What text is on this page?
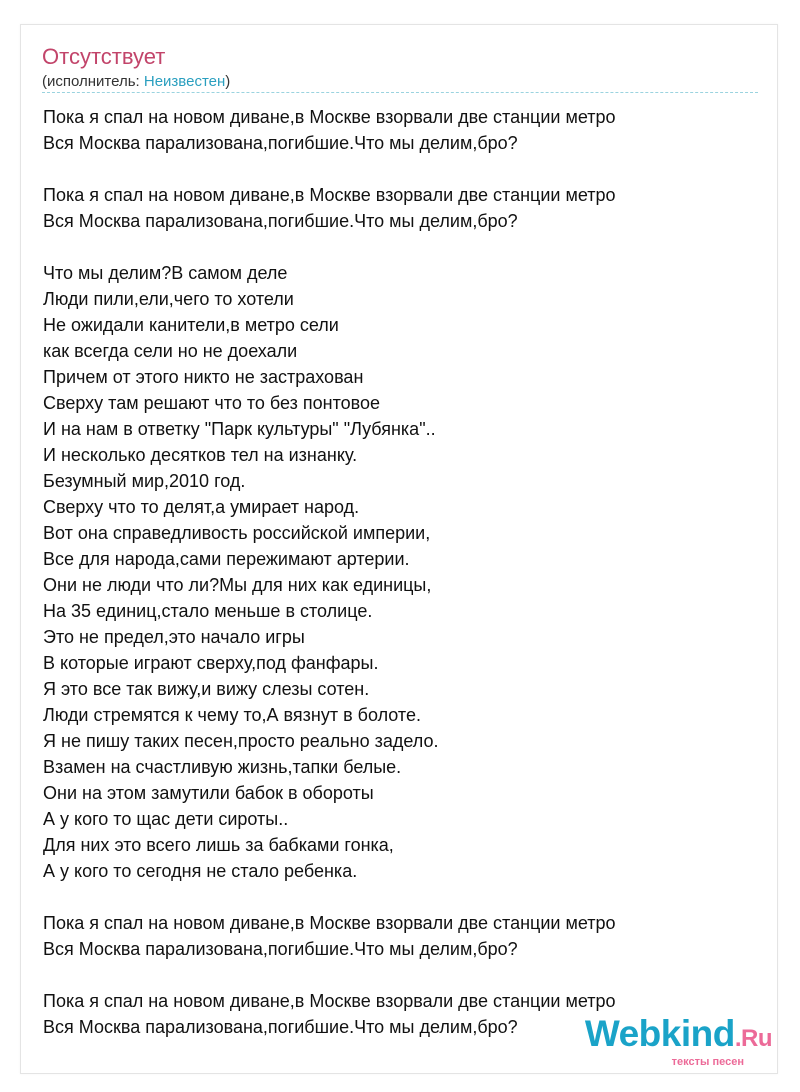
Отсутствует
(исполнитель: Неизвестен)
Пока я спал на новом диване,в Москве взорвали две станции метро
Вся Москва парализована,погибшие.Что мы делим,бро?
Пока я спал на новом диване,в Москве взорвали две станции метро
Вся Москва парализована,погибшие.Что мы делим,бро?
Что мы делим?В самом деле
Люди пили,ели,чего то хотели
Не ожидали канители,в метро сели
как всегда сели но не доехали
Причем от этого никто не застрахован
Сверху там решают что то без понтовое
И на нам в ответку "Парк культуры" "Лубянка"..
И несколько десятков тел на изнанку.
Безумный мир,2010 год.
Сверху что то делят,а умирает народ.
Вот она справедливость российской империи,
Все для народа,сами пережимают артерии.
Они не люди что ли?Мы для них как единицы,
На 35 единиц,стало меньше в столице.
Это не предел,это начало игры
В которые играют сверху,под фанфары.
Я это все так вижу,и вижу слезы сотен.
Люди стремятся к чему то,А вязнут в болоте.
Я не пишу таких песен,просто реально задело.
Взамен на счастливую жизнь,тапки белые.
Они на этом замутили бабок в обороты
А у кого то щас дети сироты..
Для них это всего лишь за бабками гонка,
А у кого то сегодня не стало ребенка.
Пока я спал на новом диване,в Москве взорвали две станции метро
Вся Москва парализована,погибшие.Что мы делим,бро?
Пока я спал на новом диване,в Москве взорвали две станции метро
Вся Москва парализована,погибшие.Что мы делим,бро?	Webkind.Ru
тексты песен
